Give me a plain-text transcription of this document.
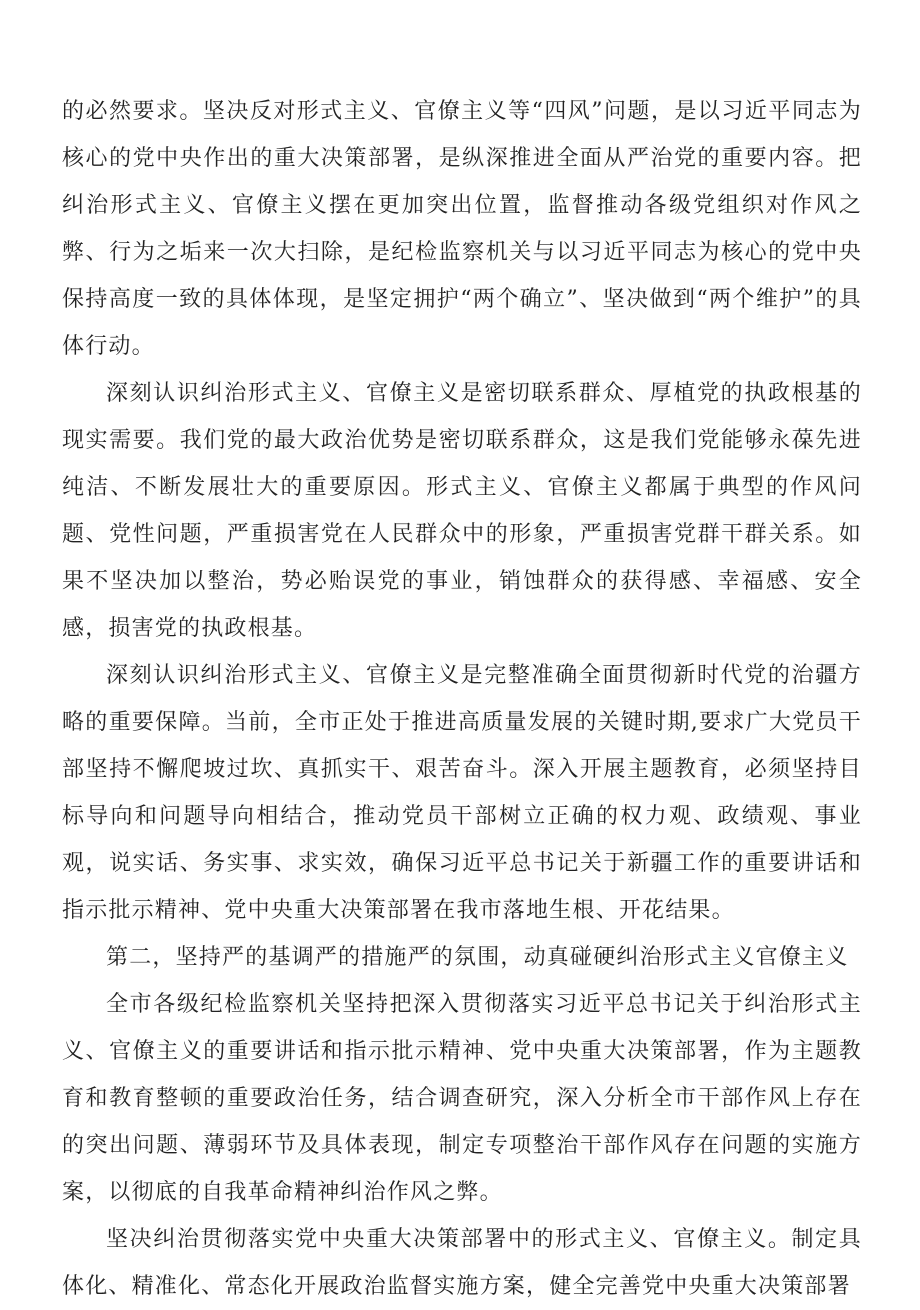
的必然要求。坚决反对形式主义、官僚主义等“四风”问题，是以习近平同志为核心的党中央作出的重大决策部署，是纵深推进全面从严治党的重要内容。把纠治形式主义、官僚主义摆在更加突出位置，监督推动各级党组织对作风之弊、行为之垢来一次大扫除，是纪检监察机关与以习近平同志为核心的党中央保持高度一致的具体体现，是坚定拥护“两个确立”、坚决做到“两个维护”的具体行动。

深刻认识纠治形式主义、官僚主义是密切联系群众、厚植党的执政根基的现实需要。我们党的最大政治优势是密切联系群众，这是我们党能够永葆先进纯洁、不断发展壮大的重要原因。形式主义、官僚主义都属于典型的作风问题、党性问题，严重损害党在人民群众中的形象，严重损害党群干群关系。如果不坚决加以整治，势必贻误党的事业，销蚀群众的获得感、幸福感、安全感，损害党的执政根基。

深刻认识纠治形式主义、官僚主义是完整准确全面贯彻新时代党的治疆方略的重要保障。当前，全市正处于推进高质量发展的关键时期,要求广大党员干部坚持不懈爬坡过坎、真抓实干、艰苦奋斗。深入开展主题教育，必须坚持目标导向和问题导向相结合，推动党员干部树立正确的权力观、政绩观、事业观，说实话、务实事、求实效，确保习近平总书记关于新疆工作的重要讲话和指示批示精神、党中央重大决策部署在我市落地生根、开花结果。

第二，坚持严的基调严的措施严的氛围，动真碰硬纠治形式主义官僚主义

全市各级纪检监察机关坚持把深入贯彻落实习近平总书记关于纠治形式主义、官僚主义的重要讲话和指示批示精神、党中央重大决策部署，作为主题教育和教育整顿的重要政治任务，结合调查研究，深入分析全市干部作风上存在的突出问题、薄弱环节及具体表现，制定专项整治干部作风存在问题的实施方案，以彻底的自我革命精神纠治作风之弊。

坚决纠治贯彻落实党中央重大决策部署中的形式主义、官僚主义。制定具体化、精准化、常态化开展政治监督实施方案，健全完善党中央重大决策部署
